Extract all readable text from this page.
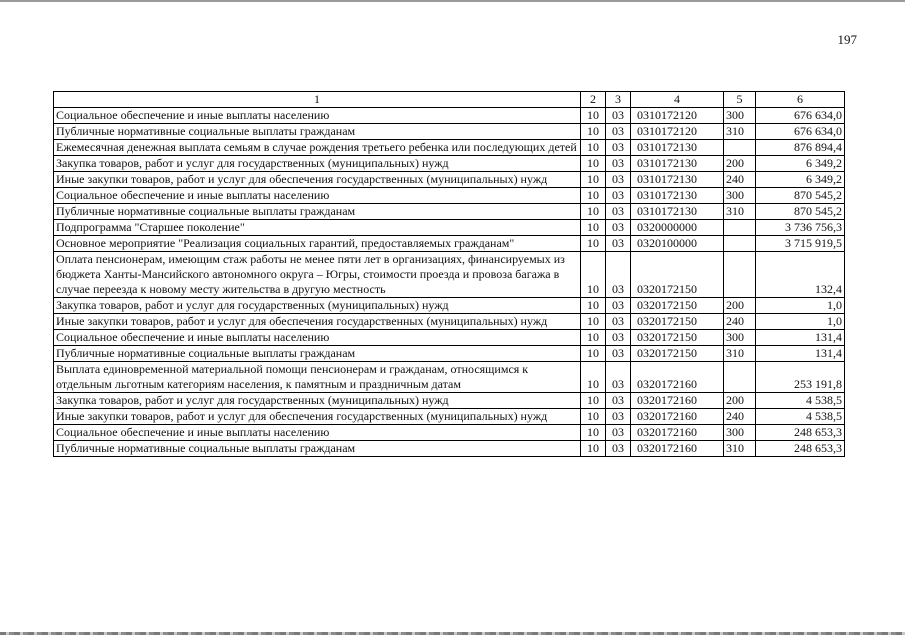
197
1	2	3	4	5	6
Социальное обеспечение и иные выплаты населению	10	03	0310172120	300	676 634,0
Публичные нормативные социальные выплаты гражданам	10	03	0310172120	310	676 634,0
Ежемесячная денежная выплата семьям в случае рождения третьего ребенка или последующих детей	10	03	0310172130		876 894,4
Закупка товаров, работ и услуг для государственных (муниципальных) нужд	10	03	0310172130	200	6 349,2
Иные закупки товаров, работ и услуг для обеспечения государственных (муниципальных) нужд	10	03	0310172130	240	6 349,2
Социальное обеспечение и иные выплаты населению	10	03	0310172130	300	870 545,2
Публичные нормативные социальные выплаты гражданам	10	03	0310172130	310	870 545,2
Подпрограмма "Старшее поколение"	10	03	0320000000		3 736 756,3
Основное мероприятие "Реализация социальных гарантий, предоставляемых гражданам"	10	03	0320100000		3 715 919,5
Оплата пенсионерам, имеющим стаж работы не менее пяти лет в организациях, финансируемых из бюджета Ханты-Мансийского автономного округа – Югры, стоимости проезда и провоза багажа в случае переезда к новому месту жительства в другую местность	10	03	0320172150		132,4
Закупка товаров, работ и услуг для государственных (муниципальных) нужд	10	03	0320172150	200	1,0
Иные закупки товаров, работ и услуг для обеспечения государственных (муниципальных) нужд	10	03	0320172150	240	1,0
Социальное обеспечение и иные выплаты населению	10	03	0320172150	300	131,4
Публичные нормативные социальные выплаты гражданам	10	03	0320172150	310	131,4
Выплата единовременной материальной помощи пенсионерам и гражданам, относящимся к отдельным льготным категориям населения, к памятным и праздничным датам	10	03	0320172160		253 191,8
Закупка товаров, работ и услуг для государственных (муниципальных) нужд	10	03	0320172160	200	4 538,5
Иные закупки товаров, работ и услуг для обеспечения государственных (муниципальных) нужд	10	03	0320172160	240	4 538,5
Социальное обеспечение и иные выплаты населению	10	03	0320172160	300	248 653,3
Публичные нормативные социальные выплаты гражданам	10	03	0320172160	310	248 653,3
